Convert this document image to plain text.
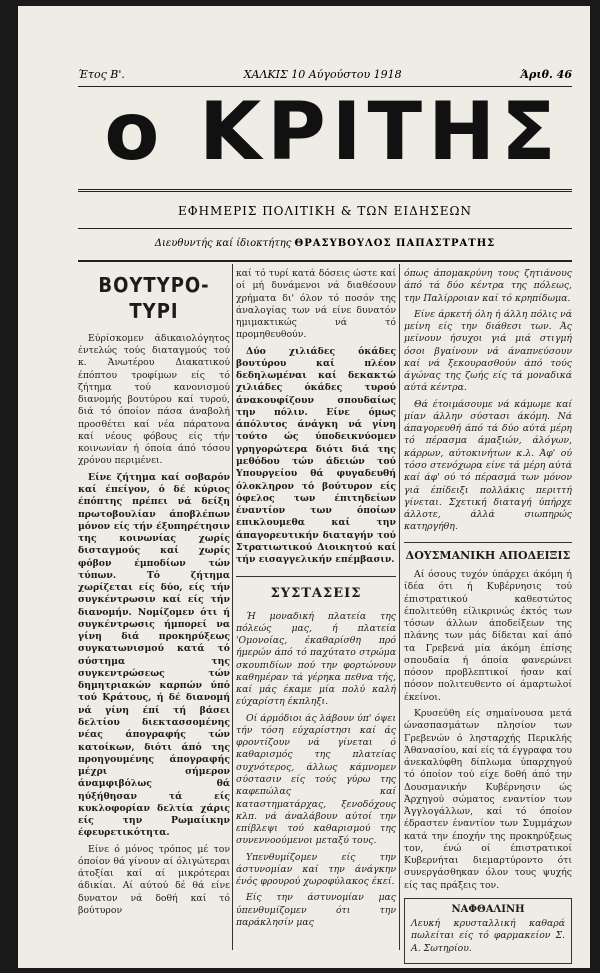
Έτος Β'.	ΧΑΛΚΙΣ 10 Αύγούστου 1918	Άριθ. 46
ο ΚΡΙΤΗΣ
ΕΦΗΜΕΡΙΣ ΠΟΛΙΤΙΚΗ & ΤΩΝ ΕΙΔΗΣΕΩΝ
Διευθυντής καί ίδιοκτήτης ΘΡΑΣΥΒΟΥΛΟΣ ΠΑΠΑΣΤΡΑΤΗΣ
ΒΟΥΤΥΡΟ-ΤΥΡΙ

Εύρίσκομεν άδικαιολόγητος έντελώς τούς διαταγμούς τού κ. Άνωτέρου Διακατικού έπόπτου τροφίμων είς τό ζήτημα τού κανονισμού διανομής βουτύρου καί τυρού, διά τό όποίον πάσα άναβολή προσθέτει καί νέα πάρατονα καί νέους φόβους είς τήν κοινωνίαν ή όποία άπό τόσου χρόνου περιμένει.

Είνε ζήτημα καί σοβαρόν καί έπείγον, ό δέ κύριος έπόπτης πρέπει νά δείξη πρωτοβουλίαν άποβλέπων μόνον είς τήν έξυπηρέτησιν της κοινωνίας χωρίς δισταγμούς καί χωρίς φόβον έμποδίων τών τύπων. Τό ζήτημα χωρίζεται είς δύο, είς τήν συγκέντρωσιν καί είς τήν διανομήν. Νομίζομεν ότι ή συγκέντρωσις ήμπορεί να γίνη διά προκηρύξεως συγκατωνισμού κατά τό σύστημα της συγκεντρώσεως τών δημητριακών καρπών ύπό τού Κράτους, ή δέ διανομή νά γίνη έπί τή βάσει δελτίου διεκτασσομένης νέας άπογραφής τών κατοίκων, διότι άπό της προηγουμένης άπογραφής μέχρι σήμερον άναμφιβόλως θά ηύξήθησαν τά είς κυκλοφορίαν δελτία χάρις είς την Ρωμαίικην έφευρετικότητα.

Είνε ό μόνος τρόπος μέ τον όποίον θά γίνουν αί όλιγώτεραι άτοξίαι καί αί μικρότεραι άδικίαι. Αί αύτού δέ θά είνε δυνατον νά δοθή καί τό βούτυρον

καί τό τυρί κατά δόσεις ώστε καί οί μή δυνάμενοι νά διαθέσουν χρήματα δι' όλον τό ποσόν της άναλογίας των νά είνε δυνατόν ημιμακτικώς νά τό προμηθευθούν.

Δύο χιλιάδες όκάδες βουτύρου καί πλέον δεδηλωμέναι καί δεκακτώ χιλιάδες όκάδες τυρού άνακουφίζουν σπουδαίως την πόλιν. Είνε όμως άπόλυτος άνάγκη νά γίνη τούτο ώς ύποδεικνύομεν γρηγορώτερα διότι διά της μεθόδου τών άδειών τού Υπουργείου θά φυγαδευθή όλοκληρον τό βούτυρον είς όφελος των έπιτηδείων έναντίον των όποίων επικλουμεθα καί την άπαγορευτικήν διαταγήν τού Στρατιωτικού Διοικητού καί τήν εισαγγελικήν επέμβασιν.

ΣΥΣΤΑΣΕΙΣ

Ή μοναδική πλατεία της πόλεώς μας, ή πλατεία 'Ομονοίας, έκαθαρίσθη πρό ήμερών άπό τό παχύτατο στρώμα σκουπιδίων πού την φορτώνουν καθημέραν τά γέρηκα πεθνα τής, καί μάς έκαμε μία πολύ καλή εύχαρίστη έκπληξι.

Οί άρμόδιοι άς λάβουν ύπ' όψει τήν τόση εύχαρίστησι καί άς φροντίζουν νά γίνεται ό καθαρισμός της πλατείας συχνότερος, άλλως κάμνομεν σύστασιν είς τούς γύρω της καφεπώλας καί καταστηματάρχας, ξενοδόχους κλπ. νά άναλάβουν αύτοί την επίβλεψι τού καθαρισμού της συνεννοούμενοι μεταξύ τους.

Υπενθυμίζομεν είς την άστυνομίαν καί την άνάγκην ένός φρουρού χωροφύλακος έκεί.

Είς την άστυνομίαν μας ύπενθυμίζομεν ότι την παράκλησίν μας

όπως άπομακρύνη τους ζητιάνους άπό τά δύο κέντρα της πόλεως, την Παλίρροιαν καί τό κρηπίδωμα.

Είνε άρκετή όλη ή άλλη πόλις νά μείνη είς την διάθεσι των. Άς μείνουν ήσυχοι γιά μιά στιγμή όσοι βγαίνουν νά άναπνεύσουν καί νά ξεκουρασθούν άπό τούς άγώνας της ζωής είς τά μοναδικά αύτά κέντρα.

Θά έτοιμάσουμε νά κάμωμε καί μίαν άλλην σύστασι άκόμη. Νά άπαγορευθή άπό τά δύο αύτά μέρη τό πέρασμα άμαξιών, άλόγων, κάρρων, αύτοκινήτων κ.λ. Άφ' ού τόσο στενόχωρα είνε τά μέρη αύτά καί άφ' ού τό πέρασμά των μόνον γιά έπίδειξι πολλάκις περιττή γίνεται. Σχετική διαταγή ύπήρχε άλλοτε, άλλά σιωπηρώς κατηργήθη.

ΔΟΥΣΜΑΝΙΚΗ ΑΠΟΔΕΙΞΙΣ

Αί όσους τυχόν ύπάρχει άκόμη ή ίδέα ότι ή Κυβέρνησις τού έπιστρατικού καθεστώτος έπολιτεύθη είλικρινώς έκτός των τόσων άλλων άποδείξεων της πλάνης των μάς δίδεται καί άπό τα Γρεβενά μία άκόμη έπίσης σπουδαία ή όποία φανερώνει πόσον προβλεπτικοί ήσαν καί πόσον πολιτευθεντο οί άμαρτωλοί έκείνοι.

Κρυσεύθη είς σημαίνουσα μετά ώνασπασμάτων πλησίον των Γρεβενών ό λησταρχής Περικλής Άθανασίου, καί είς τά έγγραφα του άνεκαλύφθη δίπλωμα ύπαρχηγού τό όποίον τού είχε δοθή άπό την Δουσμανικήν Κυβέρνησιν ώς Άρχηγού σώματος εναντίον των Άγγλογάλλων, καί τό όποίον έδραστεν έναντίον των Συμμάχων κατά την έποχήν της προκηρύξεως τον, ένώ οί έπιστρατικοί Κυβερνήται διεμαρτύροντο ότι συνεργάσθηκαν όλον τους ψυχής είς τας πράξεις τον.

ΝΑΦΘΑΛΙΝΗ

Λευκή κρυσταλλική καθαρά πωλείται είς τό φαρμακείον Σ. Α. Σωτηρίου.
